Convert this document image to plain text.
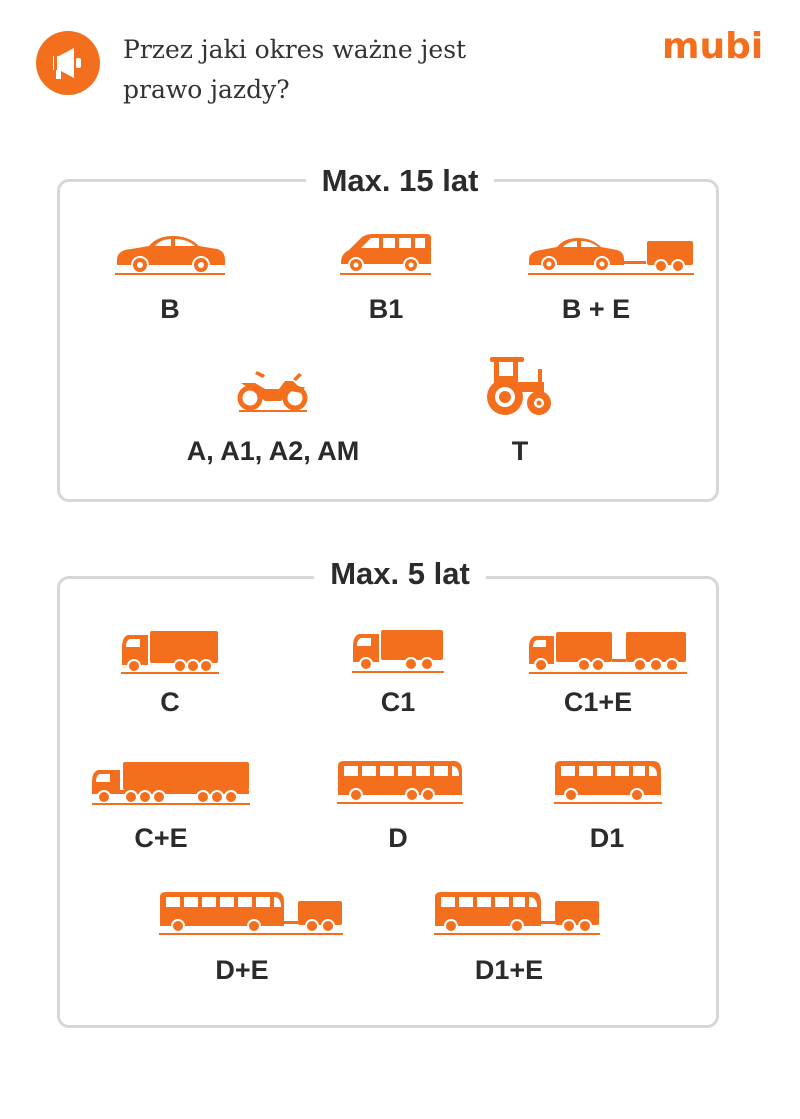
Przez jaki okres ważne jest prawo jazdy?
mubi
Max. 15 lat
Max. 5 lat
B	B1	B + E
A, A1, A2, AM	T
C	C1	C1+E
C+E	D	D1
D+E	D1+E
